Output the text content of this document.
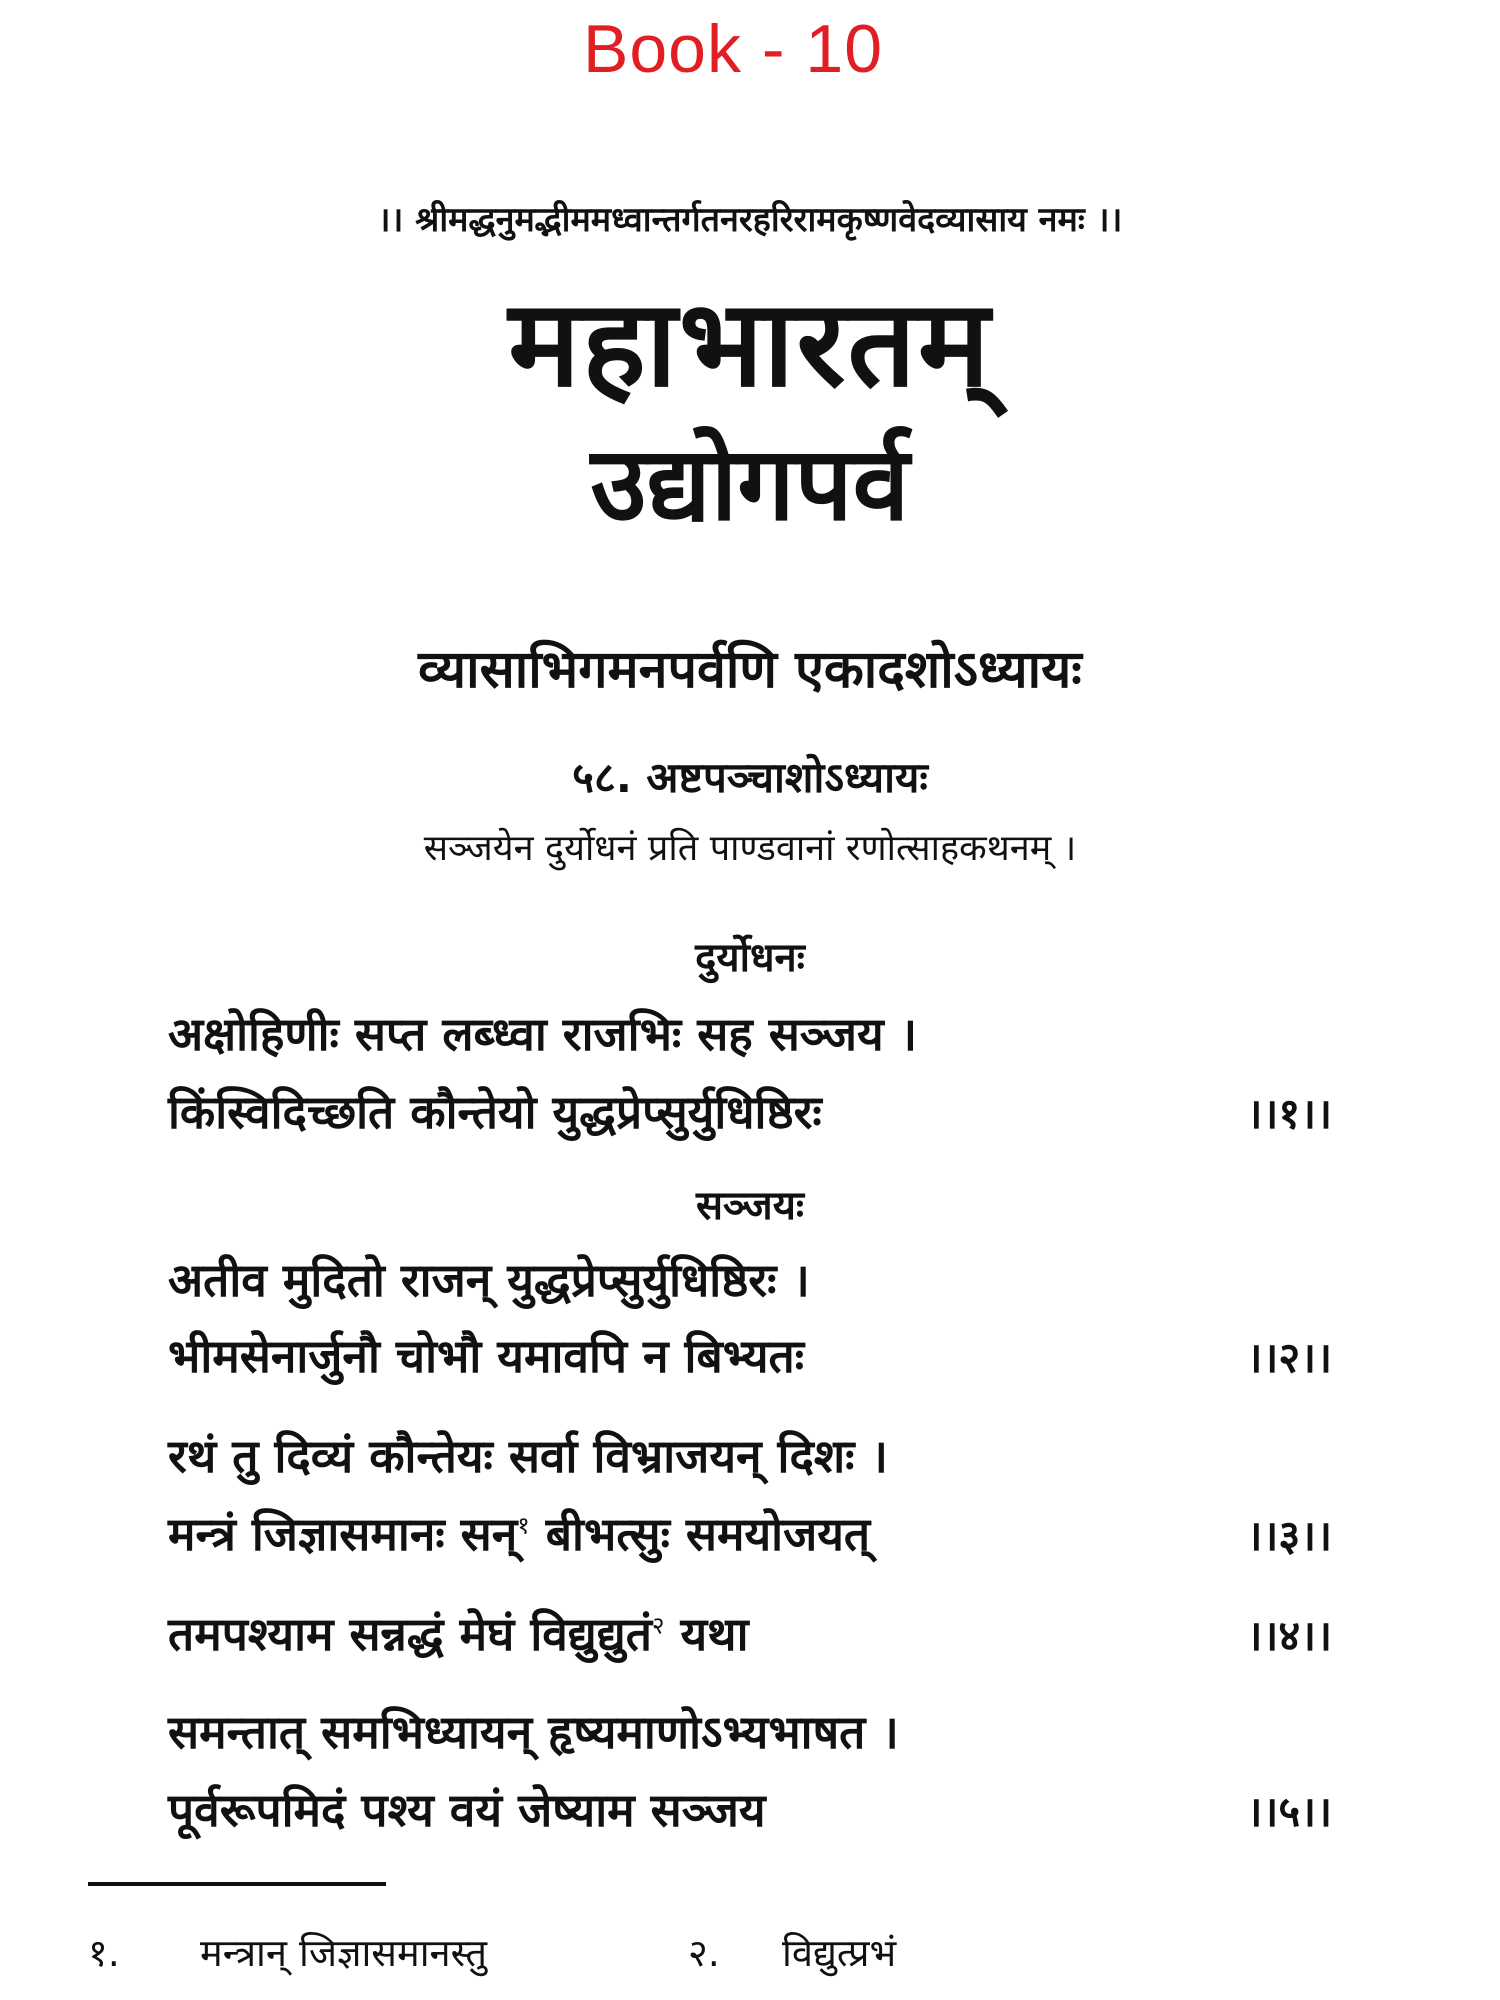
Book - 10
।। श्रीमद्धनुमद्भीममध्वान्तर्गतनरहरिरामकृष्णवेदव्यासाय नमः ।।
महाभारतम्
उद्योगपर्व
व्यासाभिगमनपर्वणि एकादशोऽध्यायः
५८. अष्टपञ्चाशोऽध्यायः
सञ्जयेन दुर्योधनं प्रति पाण्डवानां रणोत्साहकथनम् ।
दुर्योधनः
अक्षोहिणीः सप्त लब्ध्वा राजभिः सह सञ्जय ।
किंस्विदिच्छति कौन्तेयो युद्धप्रेप्सुर्युधिष्ठिरः	।।१।।
सञ्जयः
अतीव मुदितो राजन् युद्धप्रेप्सुर्युधिष्ठिरः ।
भीमसेनार्जुनौ चोभौ यमावपि न बिभ्यतः	।।२।।
रथं तु दिव्यं कौन्तेयः सर्वा विभ्राजयन् दिशः ।
मन्त्रं जिज्ञासमानः सन्$^१$ बीभत्सुः समयोजयत्	।।३।।
तमपश्याम सन्नद्धं मेघं विद्युद्युतं$^२$ यथा	।।४।।
समन्तात् समभिध्यायन् हृष्यमाणोऽभ्यभाषत ।
पूर्वरूपमिदं पश्य वयं जेष्याम सञ्जय	।।५।।
१. मन्त्रान् जिज्ञासमानस्तु	२. विद्युत्प्रभं
